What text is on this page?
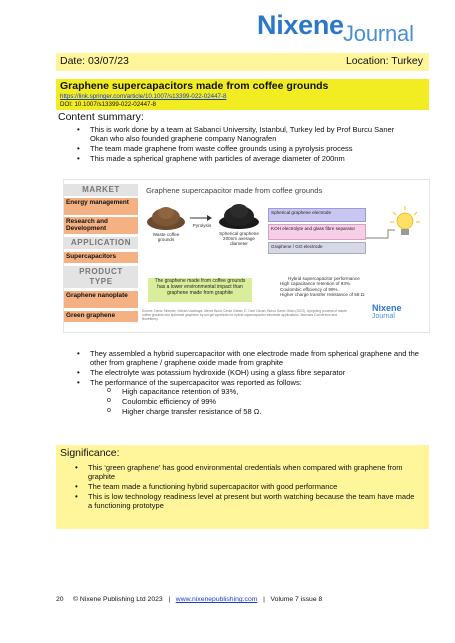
Nixene Journal
Date: 03/07/23	Location: Turkey
Graphene supercapacitors made from coffee grounds
https://link.springer.com/article/10.1007/s13399-022-02447-8
DOI: 10.1007/s13399-022-02447-8
Content summary:
• This is work done by a team at Sabanci University, Istanbul, Turkey led by Prof Burcu Saner Okan who also founded graphene company Nanografen
• The team made graphene from waste coffee grounds using a pyrolysis process
• This made a spherical graphene with particles of average diameter of 200nm
MARKET
Energy management
Research and Development
APPLICATION
Supercapacitors
PRODUCT TYPE
Graphene nanoplate
Green graphene
Graphene supercapacitor made from coffee grounds
Waste coffee grounds
Pyrolysis
Spherical graphene 200nm average diameter
The graphene made from coffee grounds has a lower environmental impact than graphene made from graphite
Spherical graphene electrode
KOH electrolyte and glass fibre separator
Graphene / GO electrode
Hybrid supercapacitor performance
High capacitance retention of 93%.
Coulombic efficiency of 99%.
Higher charge transfer resistance of 58 Ω.
Source: Deniz Sinenler, Selcan Ucarkaya, Merve Bulut, Deniz Ozkan, E. Ozel Ozcan, Burcu Saner Okan (2023). Upcycling process of waste coffee grounds into spherical graphene by sol-gel synthesis for hybrid supercapacitor electrode applications. Biomass Conversion and Biorefinery.
Nixene
Journal
• They assembled a hybrid supercapacitor with one electrode made from spherical graphene and the other from graphene / graphene oxide made from graphite
• The electrolyte was potassium hydroxide (KOH) using a glass fibre separator
• The performance of the supercapacitor was reported as follows:
o High capacitance retention of 93%,
o Coulombic efficiency of 99%
o Higher charge transfer resistance of 58 Ω.
Significance:
• This ‘green graphene’ has good environmental credentials when compared with graphene from graphite
• The team made a functioning hybrid supercapacitor with good performance
• This is low technology readiness level at present but worth watching because the team have made a functioning prototype
20 © Nixene Publishing Ltd 2023 | www.nixenepublishing.com | Volume 7 issue 8
